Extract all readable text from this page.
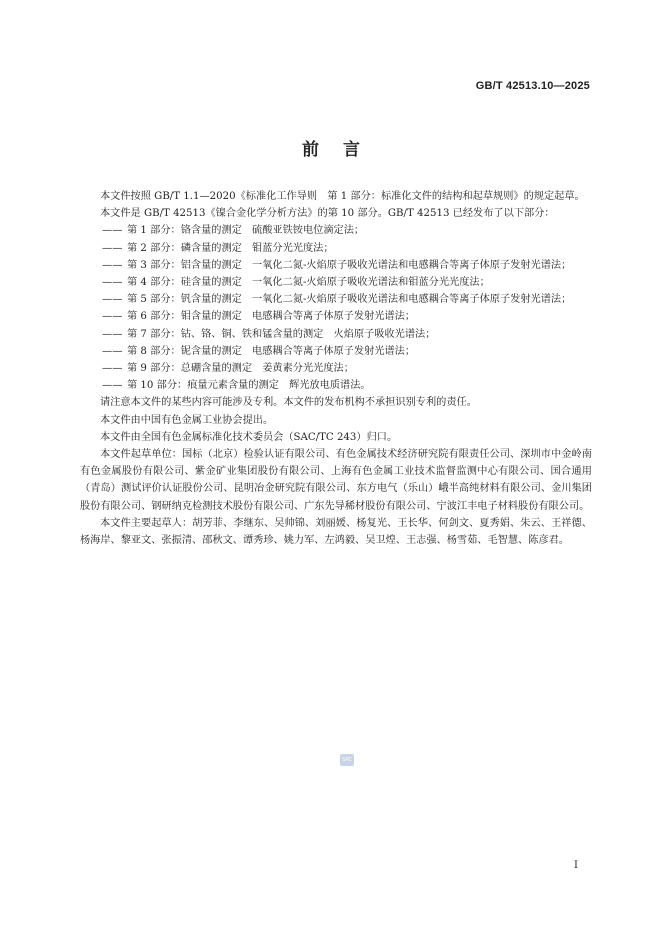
GB/T 42513.10—2025
前言

本文件按照 GB/T 1.1—2020《标准化工作导则　第 1 部分：标准化文件的结构和起草规则》的规定起草。

本文件是 GB/T 42513《镍合金化学分析方法》的第 10 部分。GB/T 42513 已经发布了以下部分：

—— 第 1 部分：铬含量的测定　硫酸亚铁铵电位滴定法；

—— 第 2 部分：磷含量的测定　钼蓝分光光度法；

—— 第 3 部分：铝含量的测定　一氧化二氮-火焰原子吸收光谱法和电感耦合等离子体原子发射光谱法；

—— 第 4 部分：硅含量的测定　一氧化二氮-火焰原子吸收光谱法和钼蓝分光光度法；

—— 第 5 部分：钒含量的测定　一氧化二氮-火焰原子吸收光谱法和电感耦合等离子体原子发射光谱法；

—— 第 6 部分：钼含量的测定　电感耦合等离子体原子发射光谱法；

—— 第 7 部分：钴、铬、铜、铁和锰含量的测定　火焰原子吸收光谱法；

—— 第 8 部分：铌含量的测定　电感耦合等离子体原子发射光谱法；

—— 第 9 部分：总硼含量的测定　姜黄素分光光度法；

—— 第 10 部分：痕量元素含量的测定　辉光放电质谱法。

请注意本文件的某些内容可能涉及专利。本文件的发布机构不承担识别专利的责任。

本文件由中国有色金属工业协会提出。

本文件由全国有色金属标准化技术委员会（SAC/TC 243）归口。

本文件起草单位：国标（北京）检验认证有限公司、有色金属技术经济研究院有限责任公司、深圳市中金岭南有色金属股份有限公司、紫金矿业集团股份有限公司、上海有色金属工业技术监督监测中心有限公司、国合通用（青岛）测试评价认证股份公司、昆明冶金研究院有限公司、东方电气（乐山）峨半高纯材料有限公司、金川集团股份有限公司、钢研纳克检测技术股份有限公司、广东先导稀材股份有限公司、宁波江丰电子材料股份有限公司。

本文件主要起草人：胡芳菲、李继东、吴帅锦、刘丽媛、杨复光、王长华、何剑文、夏秀娟、朱云、王祥德、杨海岸、黎亚文、张振清、邵秋文、谭秀珍、姚力军、左鸿毅、吴卫煌、王志强、杨雪茹、毛智慧、陈彦君。

SPC
I
